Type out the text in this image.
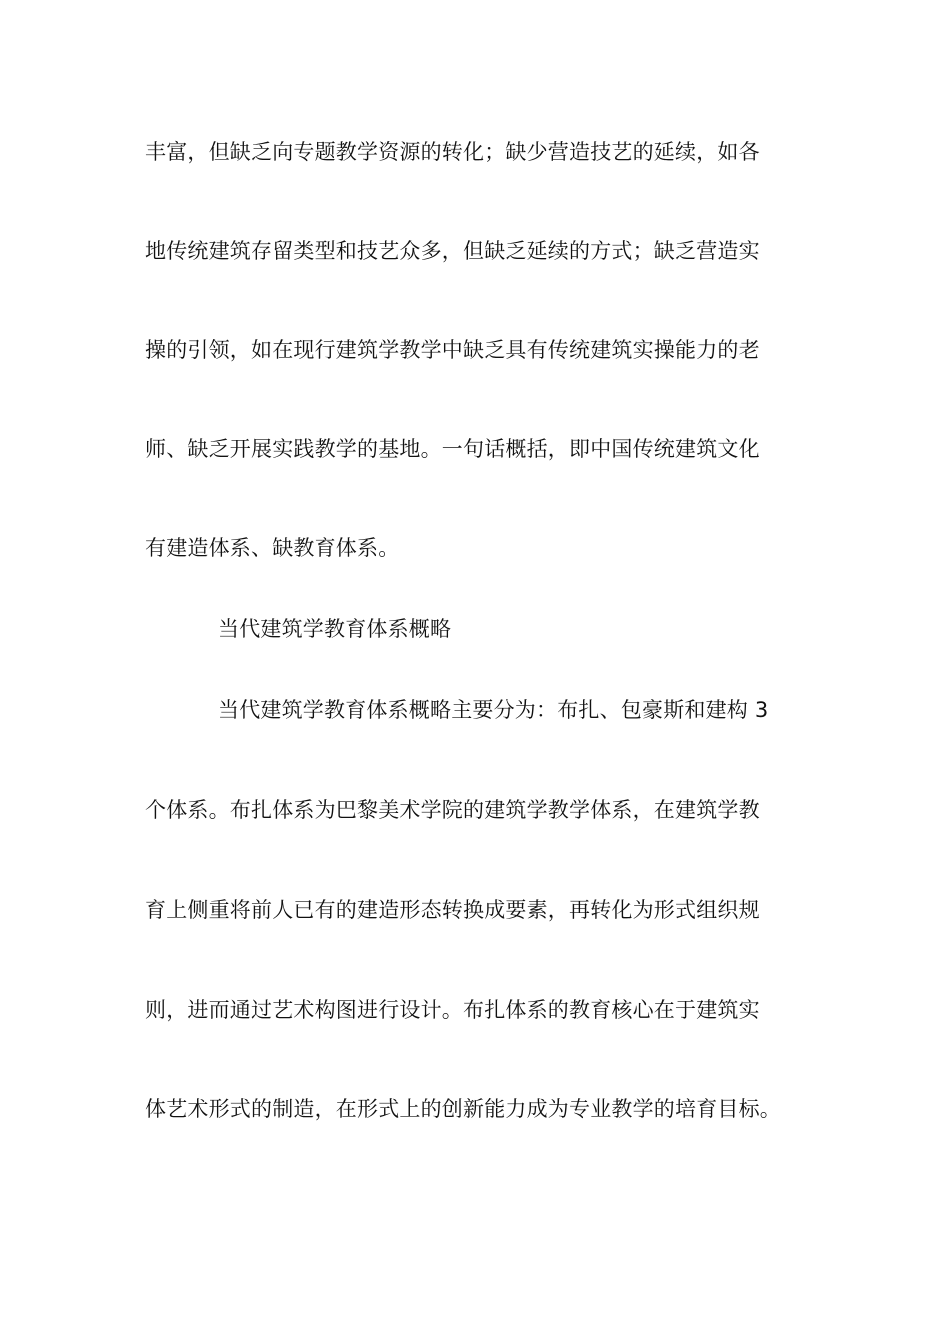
丰富，但缺乏向专题教学资源的转化；缺少营造技艺的延续，如各
地传统建筑存留类型和技艺众多，但缺乏延续的方式；缺乏营造实
操的引领，如在现行建筑学教学中缺乏具有传统建筑实操能力的老
师、缺乏开展实践教学的基地。一句话概括，即中国传统建筑文化
有建造体系、缺教育体系。
当代建筑学教育体系概略
当代建筑学教育体系概略主要分为：布扎、包豪斯和建构 3
个体系。布扎体系为巴黎美术学院的建筑学教学体系，在建筑学教
育上侧重将前人已有的建造形态转换成要素，再转化为形式组织规
则，进而通过艺术构图进行设计。布扎体系的教育核心在于建筑实
体艺术形式的制造，在形式上的创新能力成为专业教学的培育目标。
